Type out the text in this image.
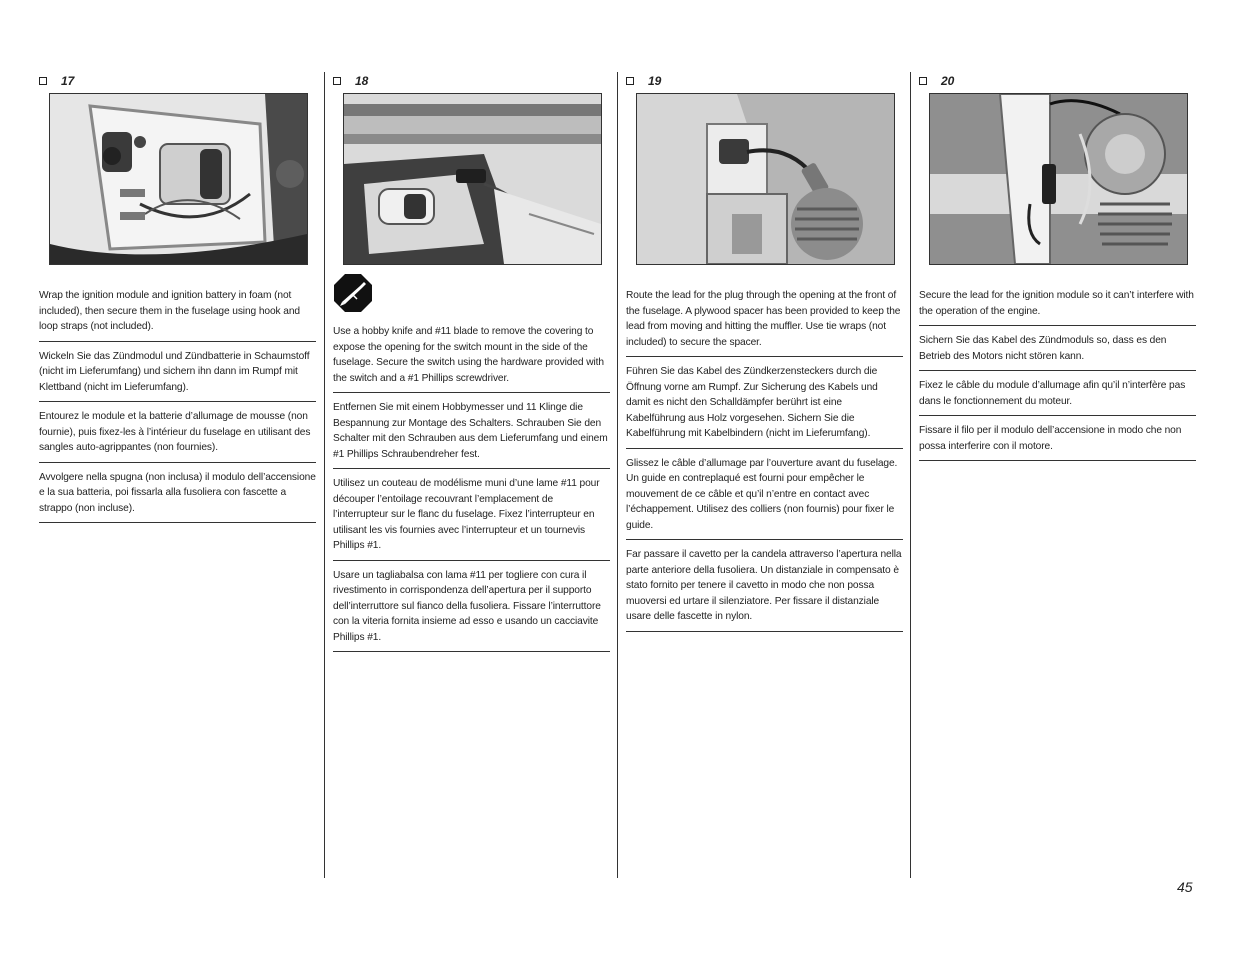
17

Wrap the ignition module and ignition battery in foam (not included), then secure them in the fuselage using hook and loop straps (not included).

Wickeln Sie das Zündmodul und Zündbatterie in Schaumstoff (nicht im Lieferumfang) und sichern ihn dann im Rumpf mit Klettband (nicht im Lieferumfang).

Entourez le module et la batterie d’allumage de mousse (non fournie), puis fixez-les à l’intérieur du fuselage en utilisant des sangles auto-agrippantes (non fournies).

Avvolgere nella spugna (non inclusa) il modulo dell’accensione e la sua batteria, poi fissarla alla fusoliera con fascette a strappo (non incluse).

18

Use a hobby knife and #11 blade to remove the covering to expose the opening for the switch mount in the side of the fuselage. Secure the switch using the hardware provided with the switch and a #1 Phillips screwdriver.

Entfernen Sie mit einem Hobbymesser und 11 Klinge die Bespannung zur Montage des Schalters. Schrauben Sie den Schalter mit den Schrauben aus dem Lieferumfang und einem #1 Phillips Schraubendreher fest.

Utilisez un couteau de modélisme muni d’une lame #11 pour découper l’entoilage recouvrant l’emplacement de l’interrupteur sur le flanc du fuselage. Fixez l’interrupteur en utilisant les vis fournies avec l’interrupteur et un tournevis Phillips #1.

Usare un tagliabalsa con lama #11 per togliere con cura il rivestimento in corrispondenza dell’apertura per il supporto dell’interruttore sul fianco della fusoliera. Fissare l’interruttore con la viteria fornita insieme ad esso e usando un cacciavite Phillips #1.

19

Route the lead for the plug through the opening at the front of the fuselage. A plywood spacer has been provided to keep the lead from moving and hitting the muffler. Use tie wraps (not included) to secure the spacer.

Führen Sie das Kabel des Zündkerzensteckers durch die Öffnung vorne am Rumpf. Zur Sicherung des Kabels und damit es nicht den Schalldämpfer berührt ist eine Kabelführung aus Holz vorgesehen. Sichern Sie die Kabelführung mit Kabelbindern (nicht im Lieferumfang).

Glissez le câble d’allumage par l’ouverture avant du fuselage. Un guide en contreplaqué est fourni pour empêcher le mouvement de ce câble et qu’il n’entre en contact avec l’échappement. Utilisez des colliers (non fournis) pour fixer le guide.

Far passare il cavetto per la candela attraverso l’apertura nella parte anteriore della fusoliera. Un distanziale in compensato è stato fornito per tenere il cavetto in modo che non possa muoversi ed urtare il silenziatore. Per fissare il distanziale usare delle fascette in nylon.

20

Secure the lead for the ignition module so it can’t interfere with the operation of the engine.

Sichern Sie das Kabel des Zündmoduls so, dass es den Betrieb des Motors nicht stören kann.

Fixez le câble du module d’allumage afin qu’il n’interfère pas dans le fonctionnement du moteur.

Fissare il filo per il modulo dell’accensione in modo che non possa interferire con il motore.

45
